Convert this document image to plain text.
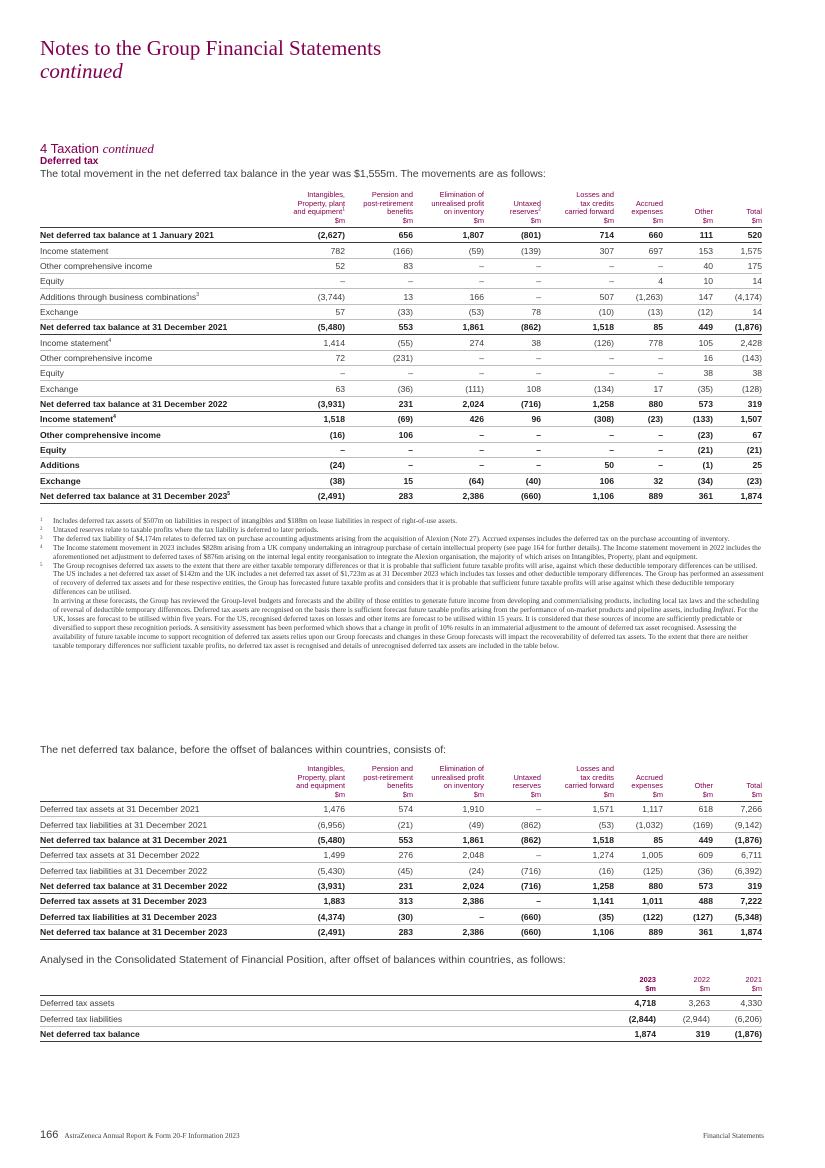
Notes to the Group Financial Statements
continued
4 Taxation continued
Deferred tax
The total movement in the net deferred tax balance in the year was $1,555m. The movements are as follows:
	Intangibles,
Property, plant
and equipment$^1$
$m	Pension and
post-retirement
benefits
$m	Elimination of
unrealised profit
on inventory
$m	Untaxed
reserves$^2$
$m	Losses and
tax credits
carried forward
$m	Accrued
expenses
$m	Other
$m	Total
$m
Net deferred tax balance at 1 January 2021	(2,627)	656	1,807	(801)	714	660	111	520
Income statement	782	(166)	(59)	(139)	307	697	153	1,575
Other comprehensive income	52	83	–	–	–	–	40	175
Equity	–	–	–	–	–	4	10	14
Additions through business combinations$^3$	(3,744)	13	166	–	507	(1,263)	147	(4,174)
Exchange	57	(33)	(53)	78	(10)	(13)	(12)	14
Net deferred tax balance at 31 December 2021	(5,480)	553	1,861	(862)	1,518	85	449	(1,876)
Income statement$^4$	1,414	(55)	274	38	(126)	778	105	2,428
Other comprehensive income	72	(231)	–	–	–	–	16	(143)
Equity	–	–	–	–	–	–	38	38
Exchange	63	(36)	(111)	108	(134)	17	(35)	(128)
Net deferred tax balance at 31 December 2022	(3,931)	231	2,024	(716)	1,258	880	573	319
Income statement$^4$	1,518	(69)	426	96	(308)	(23)	(133)	1,507
Other comprehensive income	(16)	106	–	–	–	–	(23)	67
Equity	–	–	–	–	–	–	(21)	(21)
Additions	(24)	–	–	–	50	–	(1)	25
Exchange	(38)	15	(64)	(40)	106	32	(34)	(23)
Net deferred tax balance at 31 December 2023$^5$	(2,491)	283	2,386	(660)	1,106	889	361	1,874
1 Includes deferred tax assets of $507m on liabilities in respect of intangibles and $188m on lease liabilities in respect of right-of-use assets.

2 Untaxed reserves relate to taxable profits where the tax liability is deferred to later periods.

3 The deferred tax liability of $4,174m relates to deferred tax on purchase accounting adjustments arising from the acquisition of Alexion (Note 27). Accrued expenses includes the deferred tax on the purchase accounting of inventory.

4 The Income statement movement in 2023 includes $828m arising from a UK company undertaking an intragroup purchase of certain intellectual property (see page 164 for further details). The Income statement movement in 2022 includes the aforementioned net adjustment to deferred taxes of $876m arising on the internal legal entity reorganisation to integrate the Alexion organisation, the majority of which arises on Intangibles, Property, plant and equipment.

5 The Group recognises deferred tax assets to the extent that there are either taxable temporary differences or that it is probable that sufficient future taxable profits will arise, against which these deductible temporary differences can be utilised. The US includes a net deferred tax asset of $142m and the UK includes a net deferred tax asset of $1,723m as at 31 December 2023 which includes tax losses and other deductible temporary differences. The Group has performed an assessment of recovery of deferred tax assets and for these respective entities, the Group has forecasted future taxable profits and considers that it is probable that sufficient future taxable profits will arise against which these deductible temporary differences can be utilised.

In arriving at these forecasts, the Group has reviewed the Group-level budgets and forecasts and the ability of those entities to generate future income from developing and commercialising products, including local tax laws and the scheduling of reversal of deductible temporary differences. Deferred tax assets are recognised on the basis there is sufficient forecast future taxable profits arising from the performance of on-market products and pipeline assets, including Imfinzi. For the UK, losses are forecast to be utilised within five years. For the US, recognised deferred taxes on losses and other items are forecast to be utilised within 15 years. It is considered that these sources of income are sufficiently predictable or diversified to support these recognition periods. A sensitivity assessment has been performed which shows that a change in profit of 10% results in an immaterial adjustment to the amount of deferred tax asset recognised. Assessing the availability of future taxable income to support recognition of deferred tax assets relies upon our Group forecasts and changes in these Group forecasts will impact the recoverability of deferred tax assets. To the extent that there are neither taxable temporary differences nor sufficient taxable profits, no deferred tax asset is recognised and details of unrecognised deferred tax assets are included in the table below.

The net deferred tax balance, before the offset of balances within countries, consists of:
	Intangibles,
Property, plant
and equipment
$m	Pension and
post-retirement
benefits
$m	Elimination of
unrealised profit
on inventory
$m	Untaxed
reserves
$m	Losses and
tax credits
carried forward
$m	Accrued
expenses
$m	Other
$m	Total
$m
Deferred tax assets at 31 December 2021	1,476	574	1,910	–	1,571	1,117	618	7,266
Deferred tax liabilities at 31 December 2021	(6,956)	(21)	(49)	(862)	(53)	(1,032)	(169)	(9,142)
Net deferred tax balance at 31 December 2021	(5,480)	553	1,861	(862)	1,518	85	449	(1,876)
Deferred tax assets at 31 December 2022	1,499	276	2,048	–	1,274	1,005	609	6,711
Deferred tax liabilities at 31 December 2022	(5,430)	(45)	(24)	(716)	(16)	(125)	(36)	(6,392)
Net deferred tax balance at 31 December 2022	(3,931)	231	2,024	(716)	1,258	880	573	319
Deferred tax assets at 31 December 2023	1,883	313	2,386	–	1,141	1,011	488	7,222
Deferred tax liabilities at 31 December 2023	(4,374)	(30)	–	(660)	(35)	(122)	(127)	(5,348)
Net deferred tax balance at 31 December 2023	(2,491)	283	2,386	(660)	1,106	889	361	1,874
Analysed in the Consolidated Statement of Financial Position, after offset of balances within countries, as follows:
	2023
$m	2022
$m	2021
$m
Deferred tax assets	4,718	3,263	4,330
Deferred tax liabilities	(2,844)	(2,944)	(6,206)
Net deferred tax balance	1,874	319	(1,876)
166 AstraZeneca Annual Report & Form 20-F Information 2023	Financial Statements
